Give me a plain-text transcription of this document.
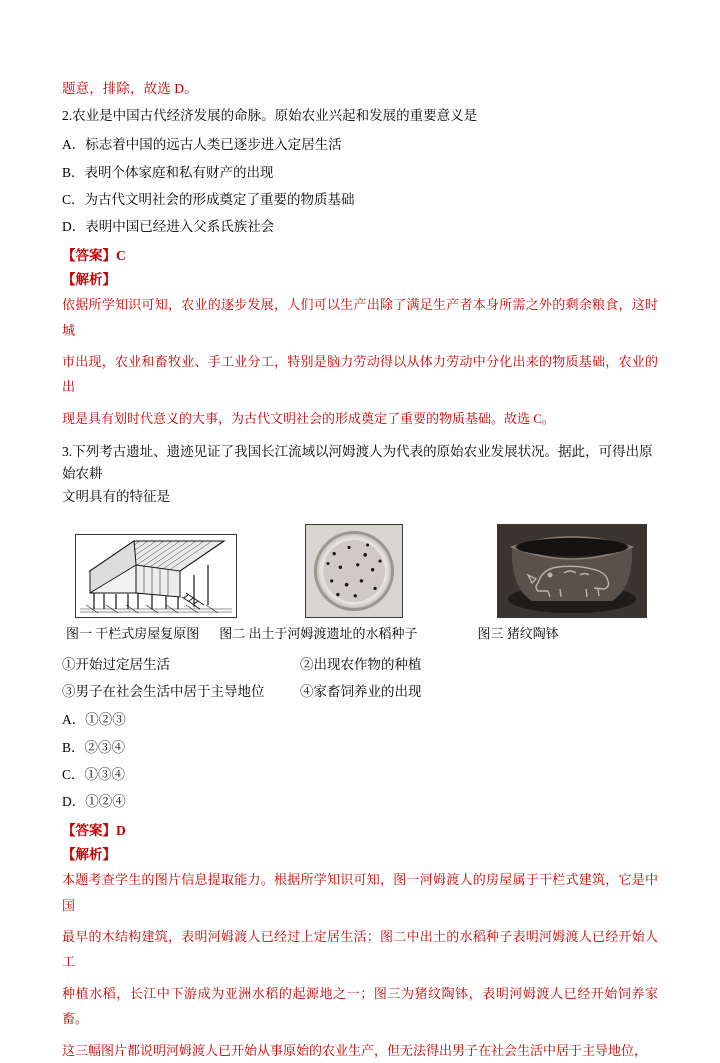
题意，排除，故选 D。

2.农业是中国古代经济发展的命脉。原始农业兴起和发展的重要意义是

A．标志着中国的远古人类已逐步进入定居生活

B．表明个体家庭和私有财产的出现

C．为古代文明社会的形成奠定了重要的物质基础

D．表明中国已经进入父系氏族社会

【答案】C

【解析】

依据所学知识可知，农业的逐步发展，人们可以生产出除了满足生产者本身所需之外的剩余粮食，这时城

市出现，农业和畜牧业、手工业分工，特别是脑力劳动得以从体力劳动中分化出来的物质基础，农业的出

现是具有划时代意义的大事，为古代文明社会的形成奠定了重要的物质基础。故选 C。

3.下列考古遗址、遗迹见证了我国长江流域以河姆渡人为代表的原始农业发展状况。据此，可得出原始农耕

文明具有的特征是

图一 干栏式房屋复原图 图二 出土于河姆渡遗址的水稻种子	图三 猪纹陶钵
①开始过定居生活	②出现农作物的种植
③男子在社会生活中居于主导地位	④家畜饲养业的出现

A．①②③

B．②③④

C．①③④

D．①②④

【答案】D

【解析】

本题考查学生的图片信息提取能力。根据所学知识可知，图一河姆渡人的房屋属于干栏式建筑，它是中国

最早的木结构建筑，表明河姆渡人已经过上定居生活；图二中出土的水稻种子表明河姆渡人已经开始人工

种植水稻，长江中下游成为亚洲水稻的起源地之一；图三为猪纹陶钵，表明河姆渡人已经开始饲养家畜。

这三幅图片都说明河姆渡人已开始从事原始的农业生产，但无法得出男子在社会生活中居于主导地位，
